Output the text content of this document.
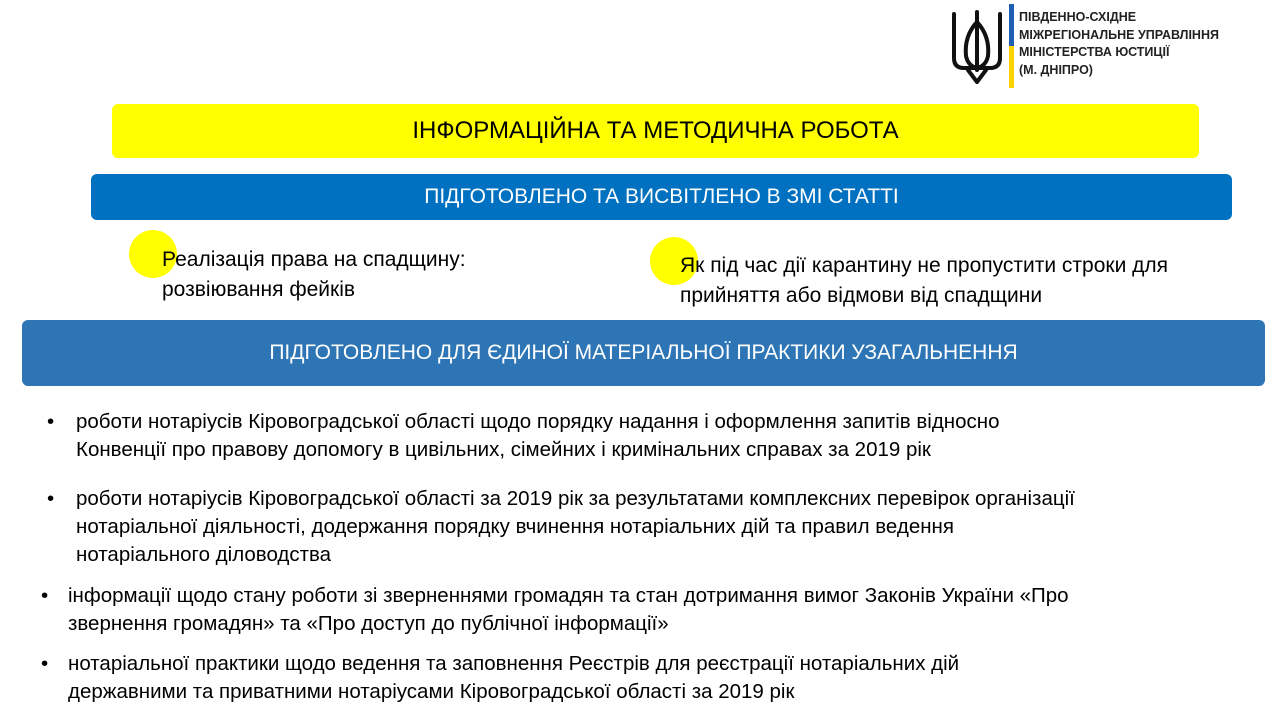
ПІВДЕННО-СХІДНЕ
МІЖРЕГІОНАЛЬНЕ УПРАВЛІННЯ
МІНІСТЕРСТВА ЮСТИЦІЇ
(М. ДНІПРО)
ІНФОРМАЦІЙНА ТА МЕТОДИЧНА РОБОТА
ПІДГОТОВЛЕНО ТА ВИСВІТЛЕНО В ЗМІ СТАТТІ
Реалізація права на спадщину:
розвіювання фейків
Як під час дії карантину не пропустити строки для
прийняття або відмови від спадщини
ПІДГОТОВЛЕНО ДЛЯ ЄДИНОЇ МАТЕРІАЛЬНОЇ ПРАКТИКИ УЗАГАЛЬНЕННЯ
• роботи нотаріусів Кіровоградської області щодо порядку надання і оформлення запитів відносно
Конвенції про правову допомогу в цивільних, сімейних і кримінальних справах за 2019 рік
• роботи нотаріусів Кіровоградської області за 2019 рік за результатами комплексних перевірок організації
нотаріальної діяльності, додержання порядку вчинення нотаріальних дій та правил ведення
нотаріального діловодства
• інформації щодо стану роботи зі зверненнями громадян та стан дотримання вимог Законів України «Про
звернення громадян» та «Про доступ до публічної інформації»
• нотаріальної практики щодо ведення та заповнення Реєстрів для реєстрації нотаріальних дій
державними та приватними нотаріусами Кіровоградської області за 2019 рік
